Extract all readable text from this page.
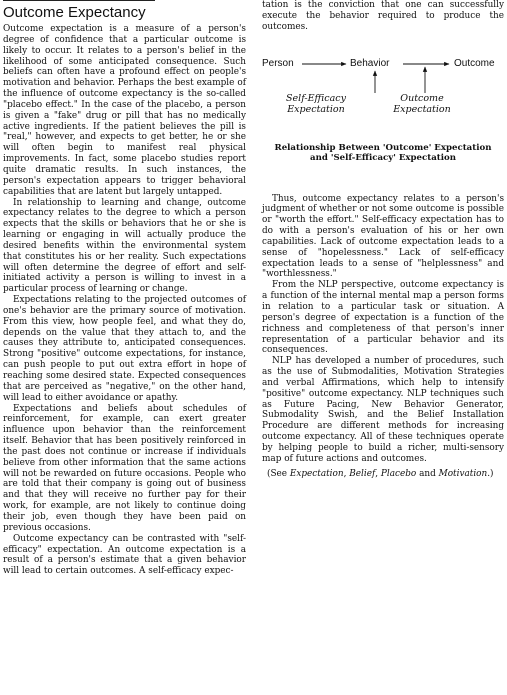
Outcome Expectancy

Outcome expectation is a measure of a person's degree of confidence that a particular outcome is likely to occur. It relates to a person's belief in the likelihood of some anticipated consequence. Such beliefs can often have a profound effect on people's motivation and behavior. Perhaps the best example of the influence of outcome expectancy is the so-called "placebo effect." In the case of the placebo, a person is given a "fake" drug or pill that has no medically active ingredients. If the patient believes the pill is "real," however, and expects to get better, he or she will often begin to manifest real physical improvements. In fact, some placebo studies report quite dramatic results. In such instances, the person's expectation appears to trigger behavioral capabilities that are latent but largely untapped.

In relationship to learning and change, outcome expectancy relates to the degree to which a person expects that the skills or behaviors that he or she is learning or engaging in will actually produce the desired benefits within the environmental system that constitutes his or her reality. Such expectations will often determine the degree of effort and self-initiated activity a person is willing to invest in a particular process of learning or change.

Expectations relating to the projected outcomes of one's behavior are the primary source of motivation. From this view, how people feel, and what they do, depends on the value that they attach to, and the causes they attribute to, anticipated consequences. Strong "positive" outcome expectations, for instance, can push people to put out extra effort in hope of reaching some desired state. Expected consequences that are perceived as "negative," on the other hand, will lead to either avoidance or apathy.

Expectations and beliefs about schedules of reinforcement, for example, can exert greater influence upon behavior than the reinforcement itself. Behavior that has been positively reinforced in the past does not continue or increase if individuals believe from other information that the same actions will not be rewarded on future occasions. People who are told that their company is going out of business and that they will receive no further pay for their work, for example, are not likely to continue doing their job, even though they have been paid on previous occasions.

Outcome expectancy can be contrasted with "self-efficacy" expectation. An outcome expectation is a result of a person's estimate that a given behavior will lead to certain outcomes. A self-efficacy expec-

tation is the conviction that one can successfully execute the behavior required to produce the outcomes.

Person	Behavior	Outcome
Self-Efficacy
Expectation
Outcome
Expectation
Relationship Between 'Outcome' Expectation
and 'Self-Efficacy' Expectation

Thus, outcome expectancy relates to a person's judgment of whether or not some outcome is possible or "worth the effort." Self-efficacy expectation has to do with a person's evaluation of his or her own capabilities. Lack of outcome expectation leads to a sense of "hopelessness." Lack of self-efficacy expectation leads to a sense of "helplessness" and "worthlessness."

From the NLP perspective, outcome expectancy is a function of the internal mental map a person forms in relation to a particular task or situation. A person's degree of expectation is a function of the richness and completeness of that person's inner representation of a particular behavior and its consequences.

NLP has developed a number of procedures, such as the use of Submodalities, Motivation Strategies and verbal Affirmations, which help to intensify "positive" outcome expectancy. NLP techniques such as Future Pacing, New Behavior Generator, Submodality Swish, and the Belief Installation Procedure are different methods for increasing outcome expectancy. All of these techniques operate by helping people to build a richer, multi-sensory map of future actions and outcomes.

(See Expectation, Belief, Placebo and Motivation.)
